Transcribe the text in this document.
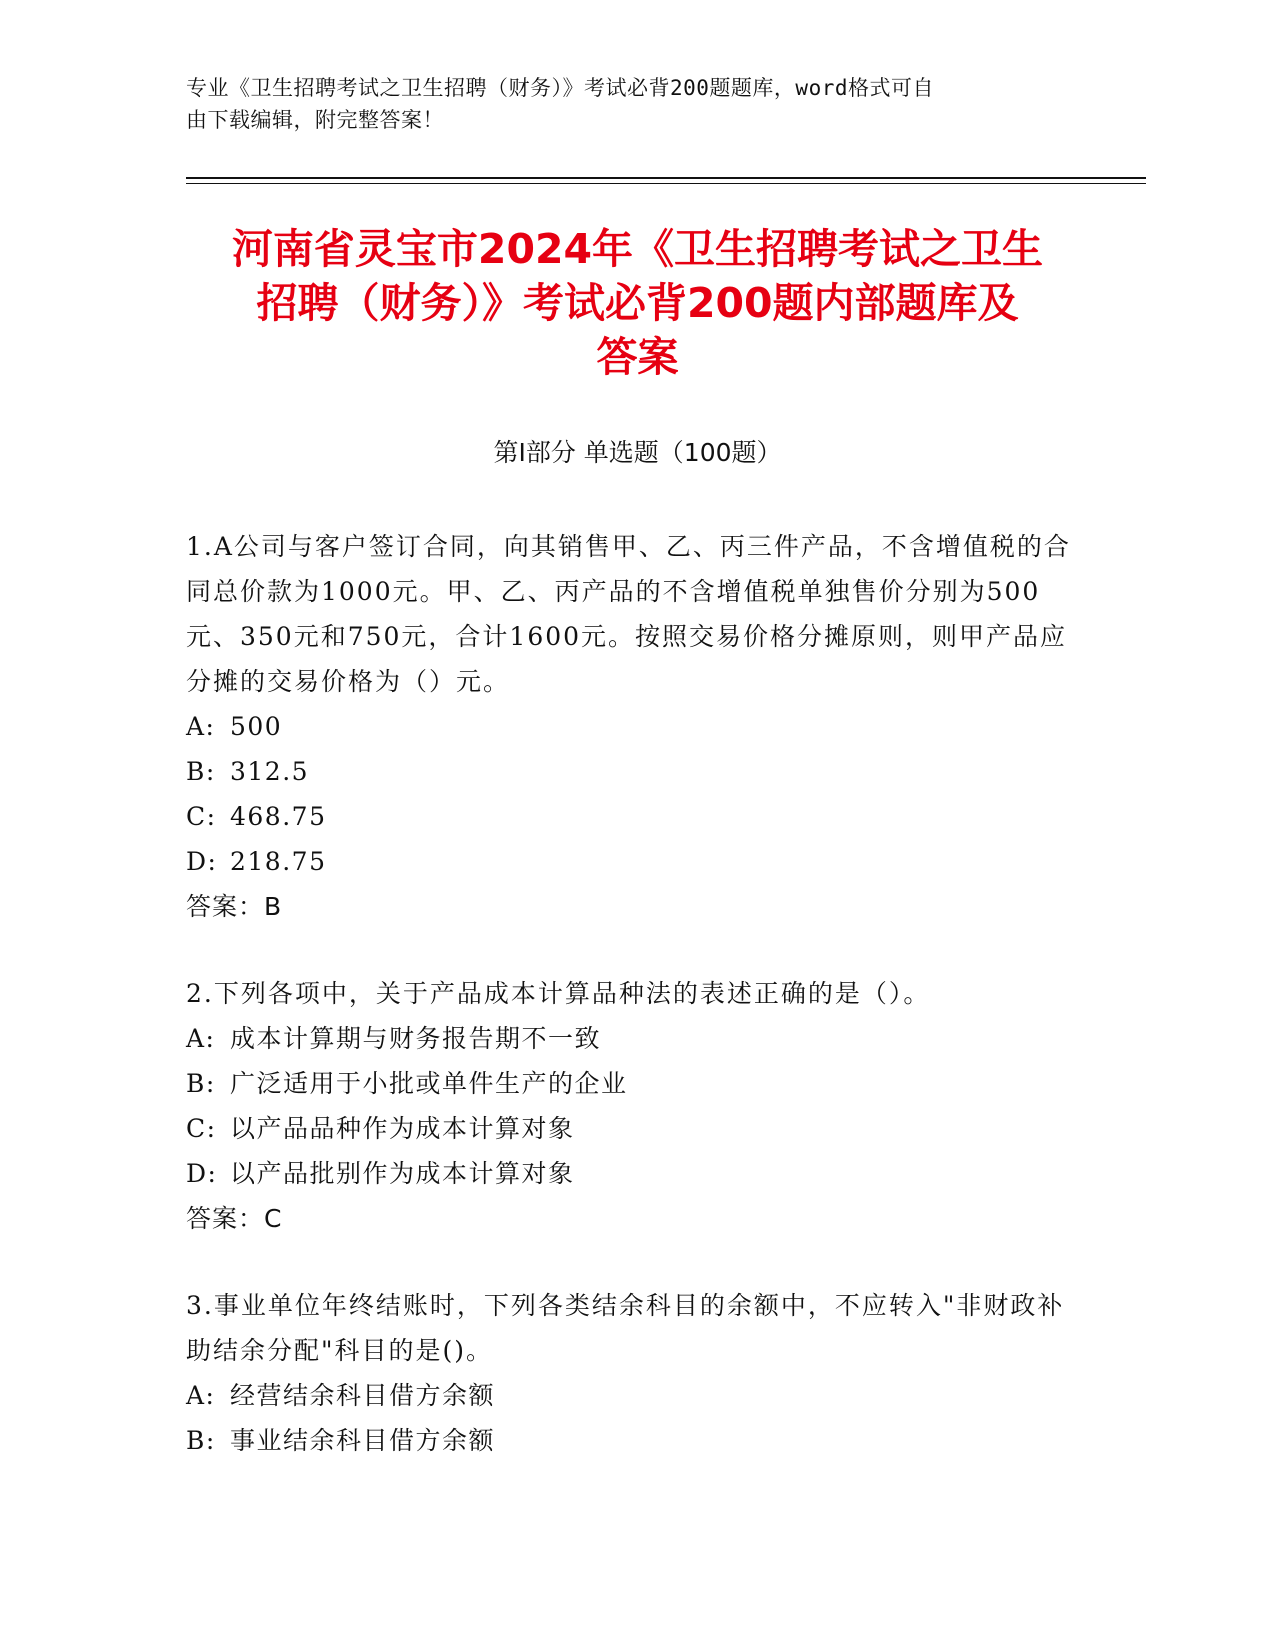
专业《卫生招聘考试之卫生招聘（财务）》考试必背200题题库，word格式可自
由下载编辑，附完整答案！
河南省灵宝市2024年《卫生招聘考试之卫生
招聘（财务）》考试必背200题内部题库及
答案
第Ⅰ部分 单选题（100题）

1.A公司与客户签订合同，向其销售甲、乙、丙三件产品，不含增值税的合同总价款为1000元。甲、乙、丙产品的不含增值税单独售价分别为500元、350元和750元，合计1600元。按照交易价格分摊原则，则甲产品应分摊的交易价格为（）元。

A: 500

B: 312.5

C: 468.75

D: 218.75

答案：B

2.下列各项中，关于产品成本计算品种法的表述正确的是（）。

A: 成本计算期与财务报告期不一致

B: 广泛适用于小批或单件生产的企业

C: 以产品品种作为成本计算对象

D: 以产品批别作为成本计算对象

答案：C

3.事业单位年终结账时，下列各类结余科目的余额中，不应转入"非财政补助结余分配"科目的是()。

A: 经营结余科目借方余额

B: 事业结余科目借方余额
